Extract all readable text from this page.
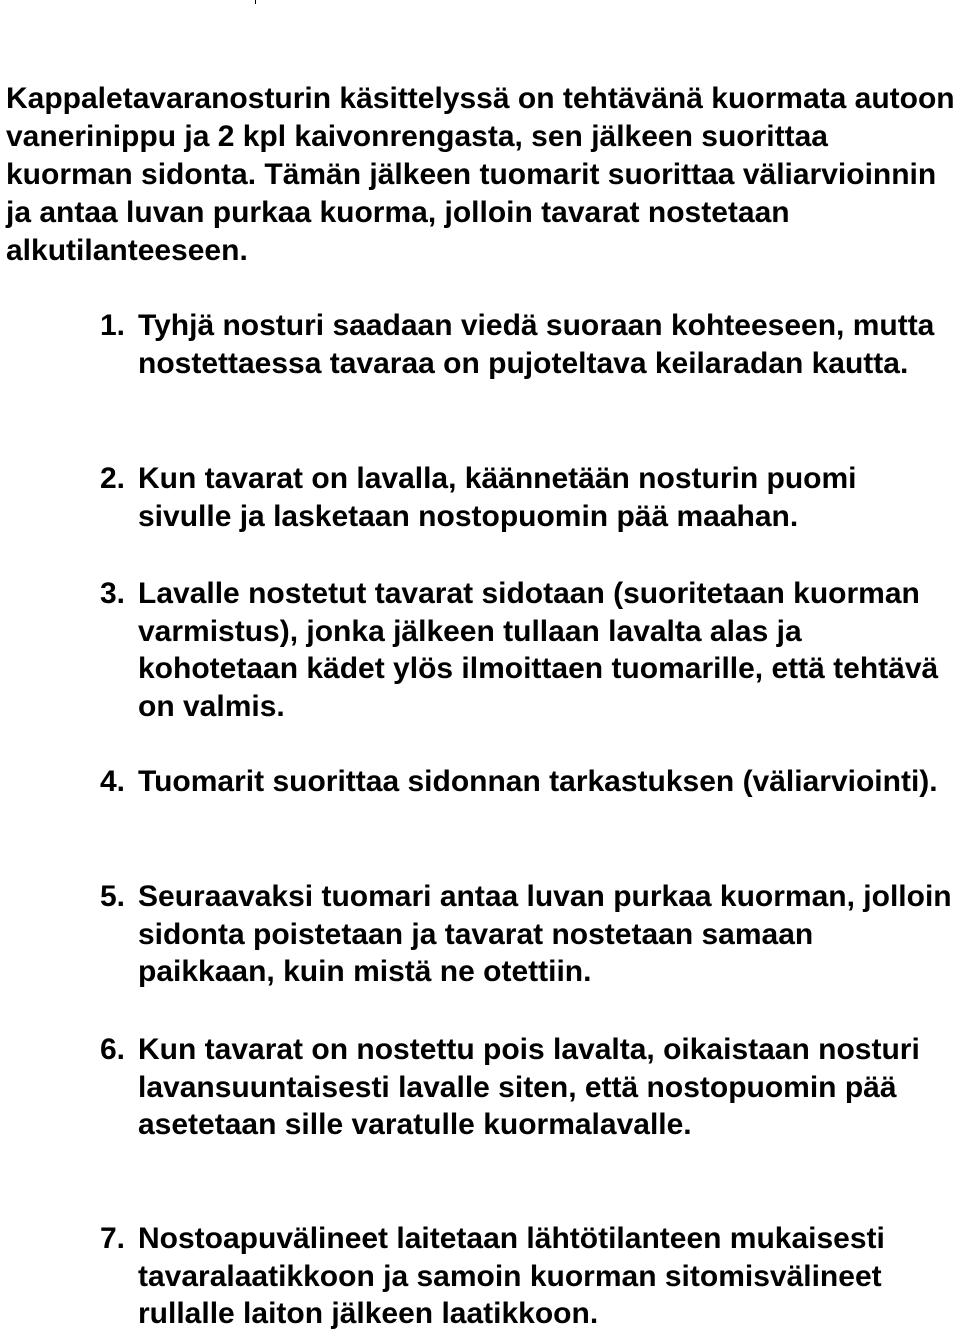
Kappaletavaranosturin käsittelyssä on tehtävänä kuormata autoon vanerinippu ja 2 kpl kaivonrengasta, sen jälkeen suorittaa kuorman sidonta. Tämän jälkeen tuomarit suorittaa väliarvioinnin ja antaa luvan purkaa kuorma, jolloin tavarat nostetaan alkutilanteeseen.

1. Tyhjä nosturi saadaan viedä suoraan kohteeseen, mutta nostettaessa tavaraa on pujoteltava keilaradan kautta.
2. Kun tavarat on lavalla, käännetään nosturin puomi sivulle ja lasketaan nostopuomin pää maahan.
3. Lavalle nostetut tavarat sidotaan (suoritetaan kuorman varmistus), jonka jälkeen tullaan lavalta alas ja kohotetaan kädet ylös ilmoittaen tuomarille, että tehtävä on valmis.
4. Tuomarit suorittaa sidonnan tarkastuksen (väliarviointi).
5. Seuraavaksi tuomari antaa luvan purkaa kuorman, jolloin sidonta poistetaan ja tavarat nostetaan samaan paikkaan, kuin mistä ne otettiin.
6. Kun tavarat on nostettu pois lavalta, oikaistaan nosturi lavansuuntaisesti lavalle siten, että nostopuomin pää asetetaan sille varatulle kuormalavalle.
7. Nostoapuvälineet laitetaan lähtötilanteen mukaisesti tavaralaatikkoon ja samoin kuorman sitomisvälineet rullalle laiton jälkeen laatikkoon.
